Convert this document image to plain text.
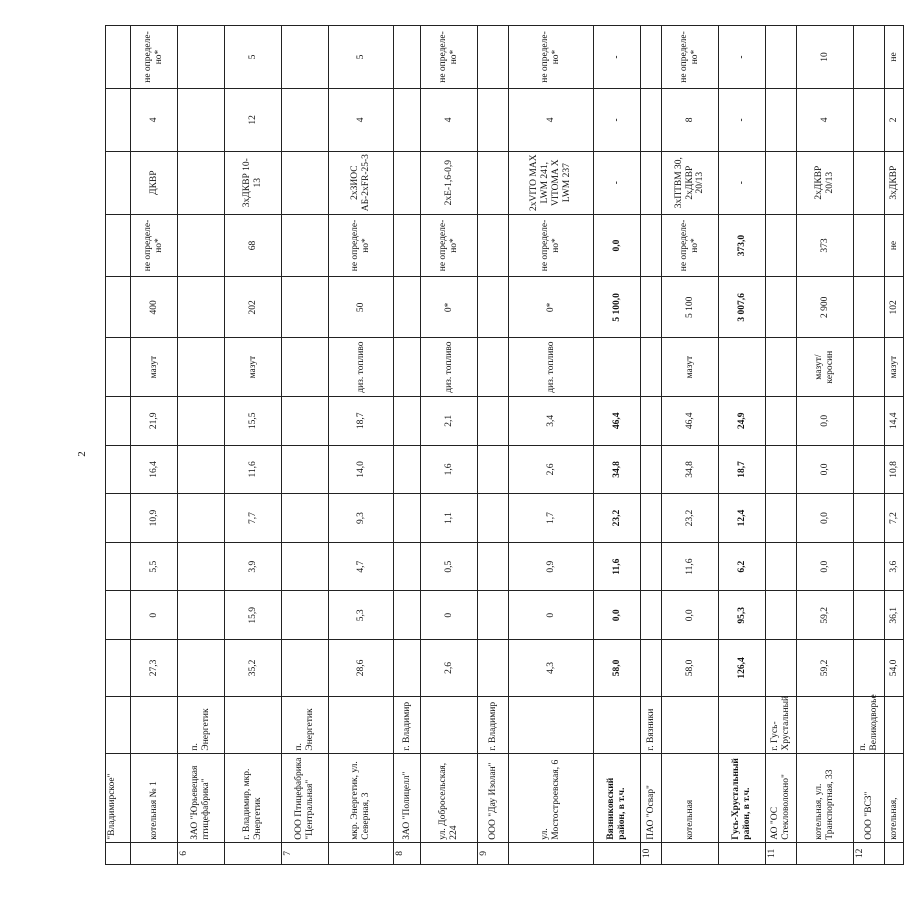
2
	"Владимирское"													
	котельная № 1		27,3	0	5,5	10,9	16,4	21,9	мазут	400	не определе-но*	ДКВР	4	не определе-но*
6	ЗАО "Юрьевецкая птицефабрика"	п. Энергетик												
	г. Владимир, мкр. Энергетик		35,2	15,9	3,9	7,7	11,6	15,5	мазут	202	68	3хДКВР 10-13	12	5
7	ООО Птицефабрика "Центральная"	п. Энергетик												
	мкр. Энергетик, ул. Северная, 3		28,6	5,3	4,7	9,3	14,0	18,7	диз. топливо	50	не определе-но*	2хЗИОС АБ-2хFR-25-3	4	5
8	ЗАО "Полицелл"	г. Владимир												
	ул. Добросельская, 224		2,6	0	0,5	1,1	1,6	2,1	диз. топливо	0*	не определе-но*	2хЕ-1,6-0,9	4	не определе-но*
9	ООО "Дау Изолан"	г. Владимир												
	ул. Мостостроевская, 6		4,3	0	0,9	1,7	2,6	3,4	диз. топливо	0*	не определе-но*	2хVITO MAX LWM 241, VITOMA X LWM 237	4	не определе-но*
	Вязниковский район, в т.ч.		58,0	0,0	11,6	23,2	34,8	46,4		5 100,0	0,0	-	-	-
10	ПАО "Освар"	г. Вязники												
	котельная		58,0	0,0	11,6	23,2	34,8	46,4	мазут	5 100	не определе-но*	3хПТВМ 30, 2хДКВР 20/13	8	не определе-но*
	Гусь-Хрустальный район, в т.ч.		126,4	95,3	6,2	12,4	18,7	24,9		3 007,6	373,0	-	-	-
11	АО "ОС Стекловолокно"	г. Гусь-Хрустальный												
	котельная, ул. Транспортная, 33		59,2	59,2	0,0	0,0	0,0	0,0	мазут/ керосин	2 900	373	2хДКВР 20/13	4	10
12	ООО "ВСЗ"	п. Великодворье												
	котельная,		54,0	36,1	3,6	7,2	10,8	14,4	мазут	102	не	3хДКВР	2	не
